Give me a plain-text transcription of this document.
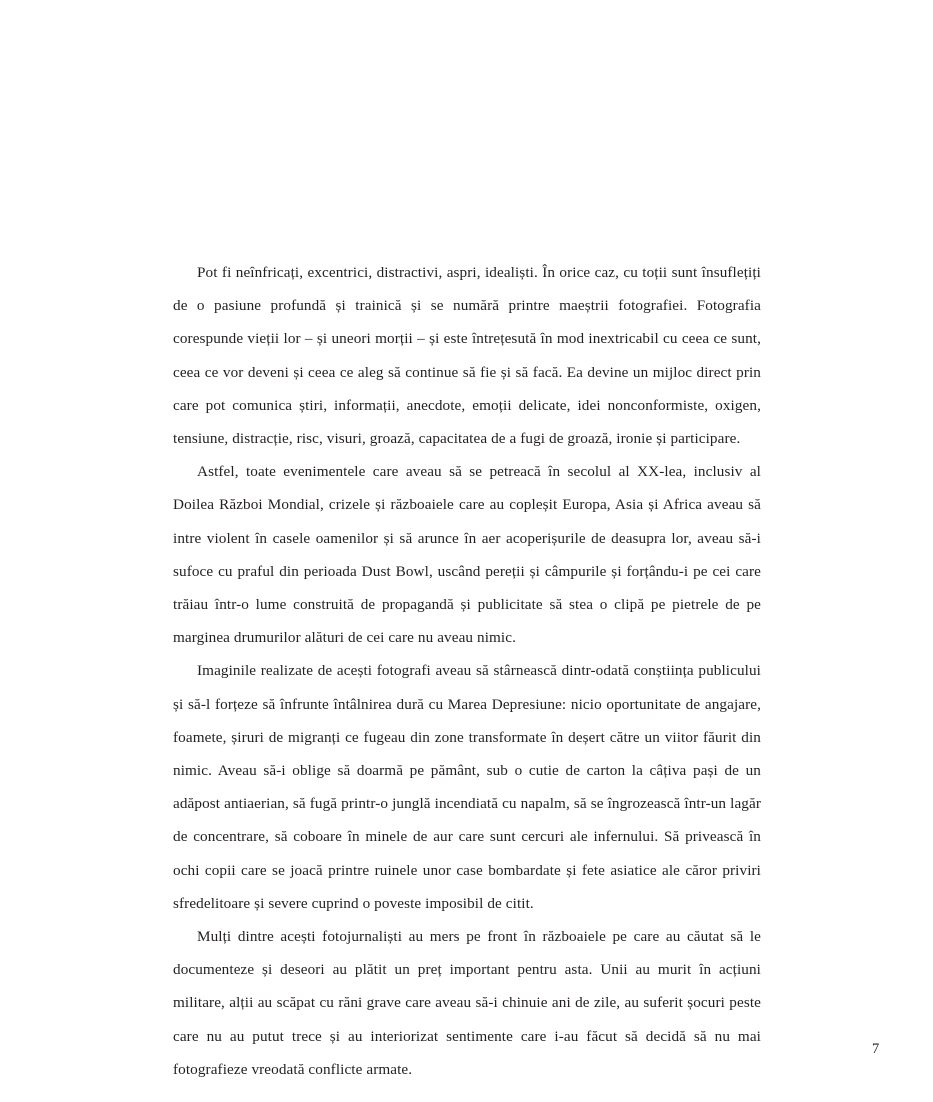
Pot fi neînfricați, excentrici, distractivi, aspri, idealiști. În orice caz, cu toții sunt însuflețiți de o pasiune profundă și trainică și se numără printre maeștrii fotografiei. Fotografia corespunde vieții lor – și uneori morții – și este întrețesută în mod inextricabil cu ceea ce sunt, ceea ce vor deveni și ceea ce aleg să continue să fie și să facă. Ea devine un mijloc direct prin care pot comunica știri, informații, anecdote, emoții delicate, idei nonconformiste, oxigen, tensiune, distracție, risc, visuri, groază, capacitatea de a fugi de groază, ironie și participare.

Astfel, toate evenimentele care aveau să se petreacă în secolul al XX-lea, inclusiv al Doilea Război Mondial, crizele și războaiele care au copleșit Europa, Asia și Africa aveau să intre violent în casele oamenilor și să arunce în aer acoperișurile de deasupra lor, aveau să-i sufoce cu praful din perioada Dust Bowl, uscând pereții și câmpurile și forțându-i pe cei care trăiau într-o lume construită de propagandă și publicitate să stea o clipă pe pietrele de pe marginea drumurilor alături de cei care nu aveau nimic.

Imaginile realizate de acești fotografi aveau să stârnească dintr-odată conștiința publicului și să-l forțeze să înfrunte întâlnirea dură cu Marea Depresiune: nicio oportunitate de angajare, foamete, șiruri de migranți ce fugeau din zone transformate în deșert către un viitor făurit din nimic. Aveau să-i oblige să doarmă pe pământ, sub o cutie de carton la câțiva pași de un adăpost antiaerian, să fugă printr-o junglă incendiată cu napalm, să se îngrozească într-un lagăr de concentrare, să coboare în minele de aur care sunt cercuri ale infernului. Să privească în ochi copii care se joacă printre ruinele unor case bombardate și fete asiatice ale căror priviri sfredelitoare și severe cuprind o poveste imposibil de citit.

Mulți dintre acești fotojurnaliști au mers pe front în războaiele pe care au căutat să le documenteze și deseori au plătit un preț important pentru asta. Unii au murit în acțiuni militare, alții au scăpat cu răni grave care aveau să-i chinuie ani de zile, au suferit șocuri peste care nu au putut trece și au interiorizat sentimente care i-au făcut să decidă să nu mai fotografieze vreodată conflicte armate.

7
